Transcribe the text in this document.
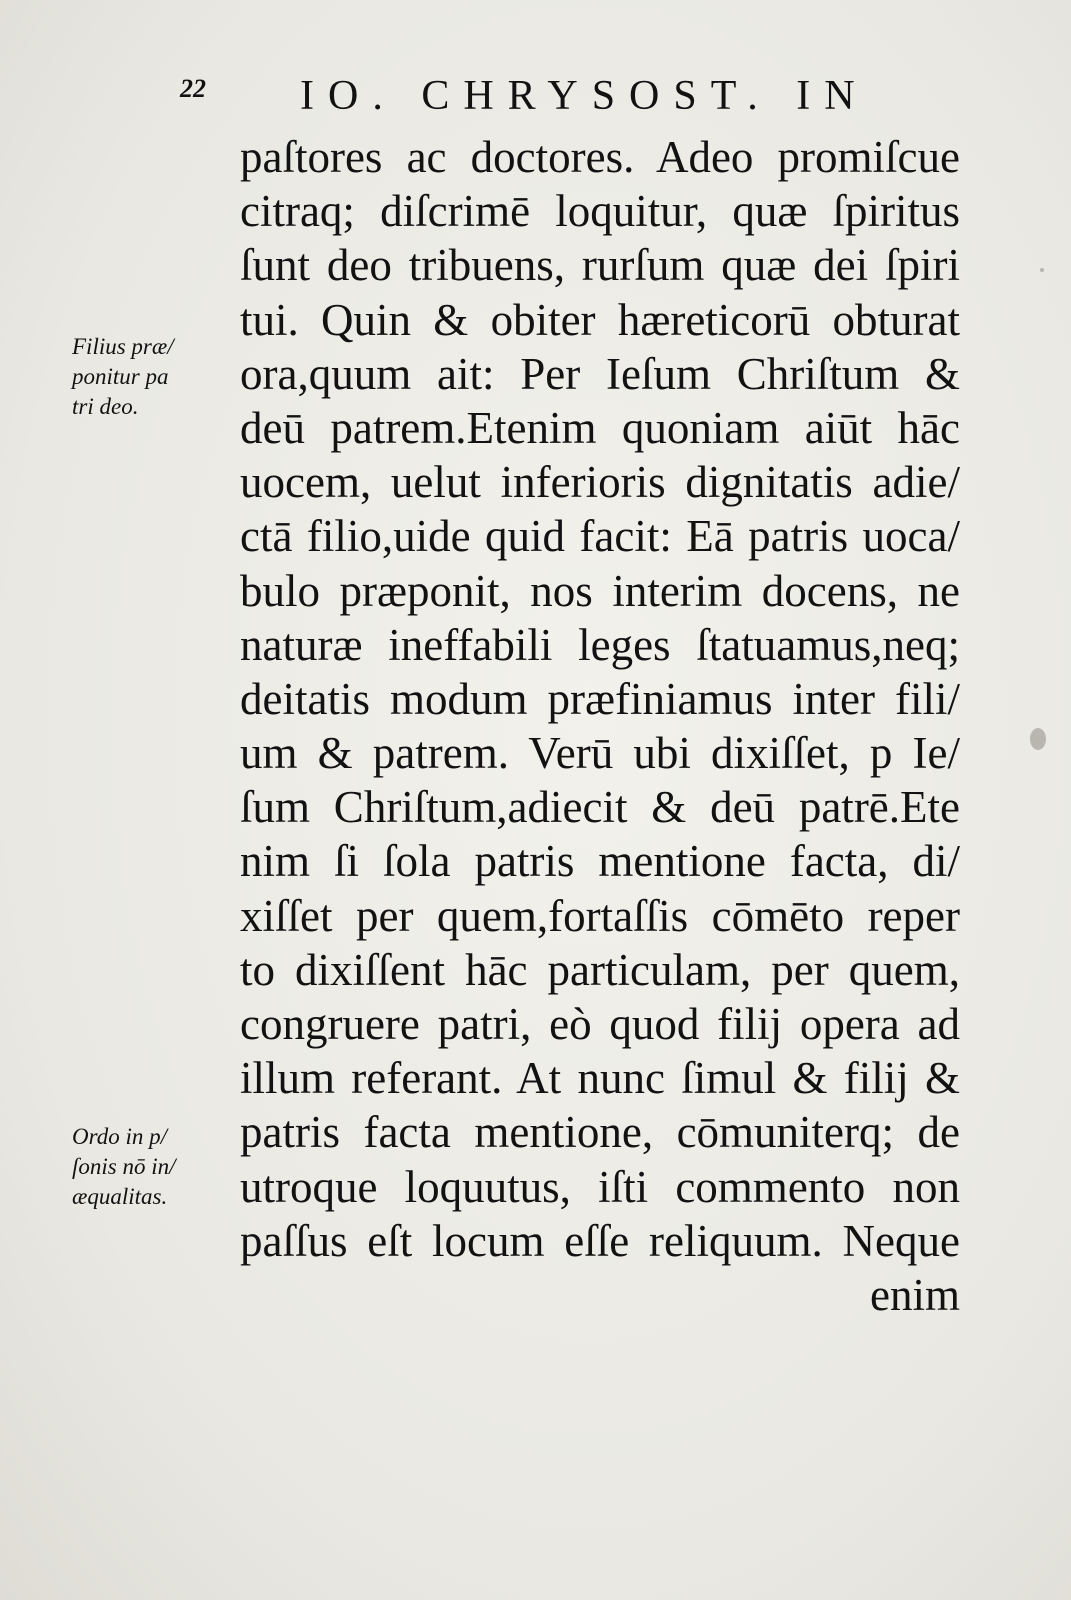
22 IO. CHRYSOST. IN
paſtores ac doctores. Adeo promiſcue
citraq; diſcrimē loquitur, quæ ſpiritus
ſunt deo tribuens, rurſum quæ dei ſpiri
tui. Quin & obiter hæreticorū obturat
ora,quum ait: Per Ieſum Chriſtum &
deū patrem.Etenim quoniam aiūt hāc
uocem, uelut inferioris dignitatis adie/
ctā filio,uide quid facit: Eā patris uoca/
bulo præponit, nos interim docens, ne
naturæ ineffabili leges ſtatuamus,neq;
deitatis modum præfiniamus inter fili/
um & patrem. Verū ubi dixiſſet, p Ie/
ſum Chriſtum,adiecit & deū patrē.Ete
nim ſi ſola patris mentione facta, di/
xiſſet per quem,fortaſſis cōmēto reper
to dixiſſent hāc particulam, per quem,
congruere patri, eò quod filij opera ad
illum referant. At nunc ſimul & filij &
patris facta mentione, cōmuniterq; de
utroque loquutus, iſti commento non
paſſus eſt locum eſſe reliquum. Neque
enim
Filius præ/
ponitur pa
tri deo.
Ordo in p/
ſonis nō in/
æqualitas.
